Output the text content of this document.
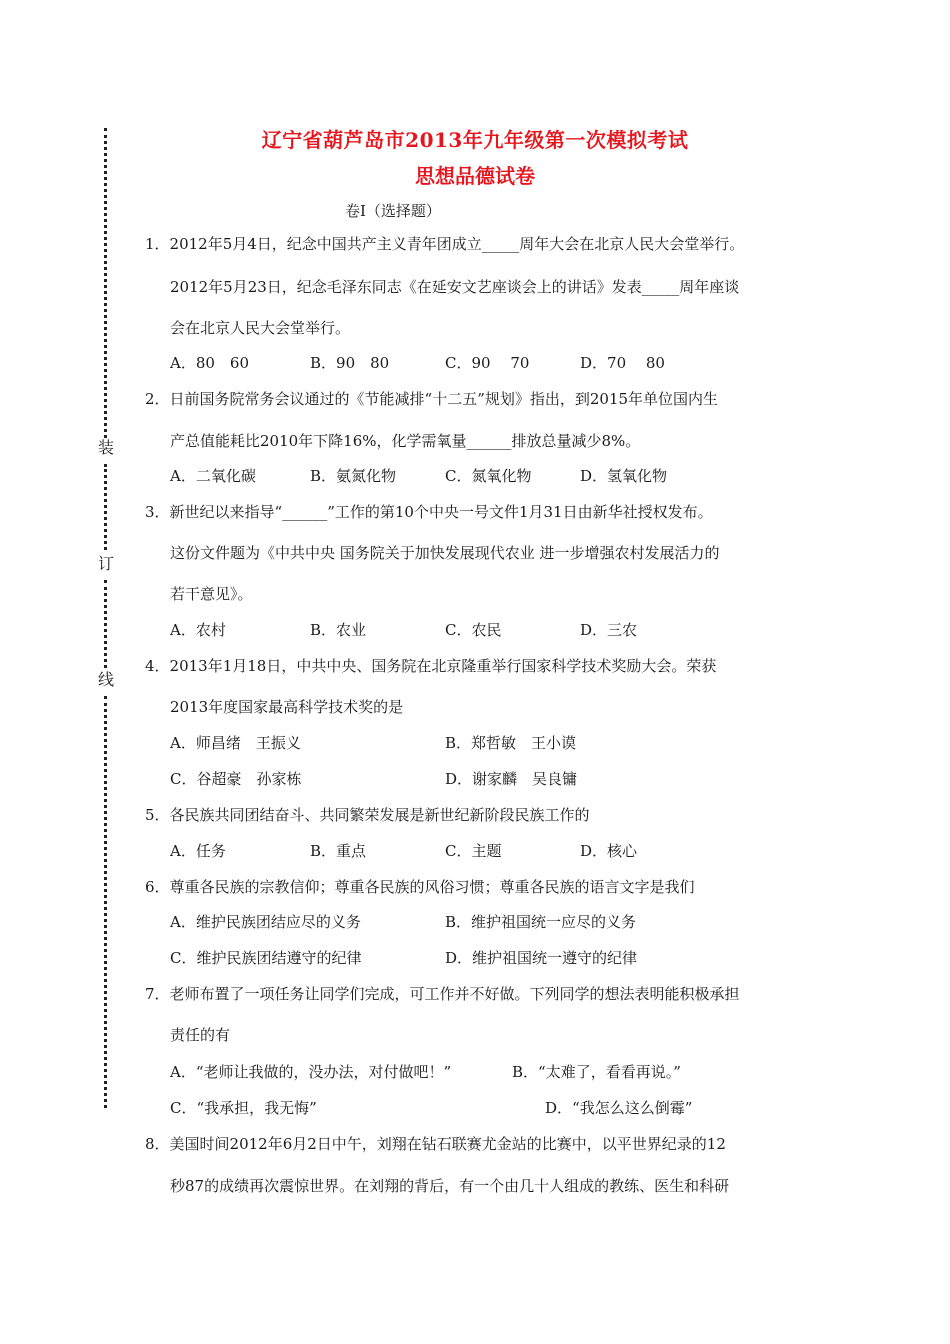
装
订
线
辽宁省葫芦岛市2013年九年级第一次模拟考试
思想品德试卷
卷Ⅰ（选择题）
1．2012年5月4日，纪念中国共产主义青年团成立_____周年大会在北京人民大会堂举行。
2012年5月23日，纪念毛泽东同志《在延安文艺座谈会上的讲话》发表_____周年座谈
会在北京人民大会堂举行。
A．80　60	B．90　80	C．90　 70	D．70　 80
2．日前国务院常务会议通过的《节能减排“十二五”规划》指出，到2015年单位国内生
产总值能耗比2010年下降16%，化学需氧量______排放总量减少8%。
A．二氧化碳	B．氨氮化物	C．氮氧化物	D．氢氧化物
3．新世纪以来指导“______”工作的第10个中央一号文件1月31日由新华社授权发布。
这份文件题为《中共中央 国务院关于加快发展现代农业 进一步增强农村发展活力的
若干意见》。
A．农村	B．农业	C．农民	D．三农
4．2013年1月18日，中共中央、国务院在北京隆重举行国家科学技术奖励大会。荣获
2013年度国家最高科学技术奖的是
A．师昌绪　王振义	B．郑哲敏　王小谟
C．谷超豪　孙家栋	D．谢家麟　吴良镛
5．各民族共同团结奋斗、共同繁荣发展是新世纪新阶段民族工作的
A．任务	B．重点	C．主题	D．核心
6．尊重各民族的宗教信仰；尊重各民族的风俗习惯；尊重各民族的语言文字是我们
A．维护民族团结应尽的义务	B．维护祖国统一应尽的义务
C．维护民族团结遵守的纪律	D．维护祖国统一遵守的纪律
7．老师布置了一项任务让同学们完成，可工作并不好做。下列同学的想法表明能积极承担
责任的有
A．“老师让我做的，没办法，对付做吧！”	B．“太难了，看看再说。”
C．“我承担，我无悔”	D．“我怎么这么倒霉”
8．美国时间2012年6月2日中午，刘翔在钻石联赛尤金站的比赛中，以平世界纪录的12
秒87的成绩再次震惊世界。在刘翔的背后，有一个由几十人组成的教练、医生和科研
